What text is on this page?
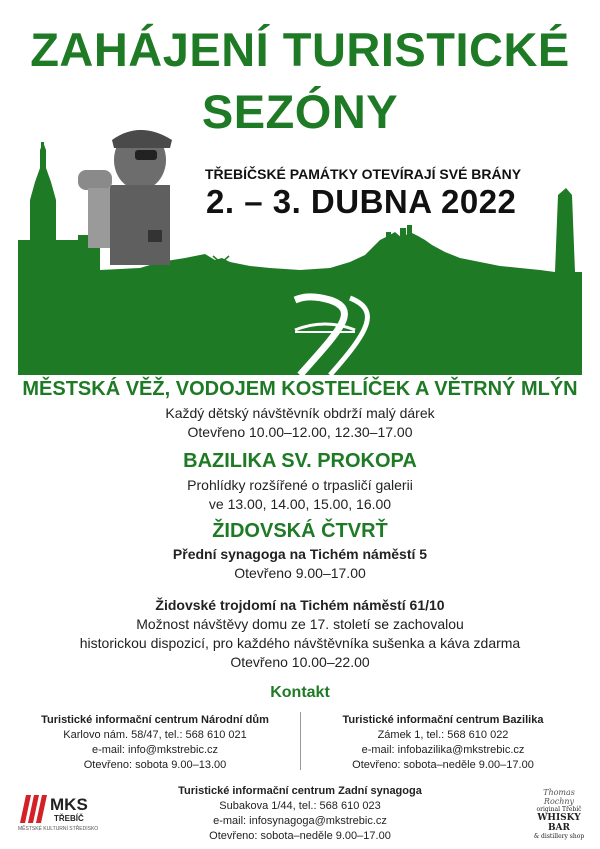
ZAHÁJENÍ TURISTICKÉ
SEZÓNY
TŘEBÍČSKÉ PAMÁTKY OTEVÍRAJÍ SVÉ BRÁNY
2. – 3. DUBNA 2022
MĚSTSKÁ VĚŽ, VODOJEM KOSTELÍČEK A VĚTRNÝ MLÝN
Každý dětský návštěvník obdrží malý dárek
Otevřeno 10.00–12.00, 12.30–17.00
BAZILIKA SV. PROKOPA
Prohlídky rozšířené o trpasličí galerii
ve 13.00, 14.00, 15.00, 16.00
ŽIDOVSKÁ ČTVRŤ
Přední synagoga na Tichém náměstí 5
Otevřeno 9.00–17.00
Židovské trojdomí na Tichém náměstí 61/10
Možnost návštěvy domu ze 17. století se zachovalou
historickou dispozicí, pro každého návštěvníka sušenka a káva zdarma
Otevřeno 10.00–22.00
Kontakt
Turistické informační centrum Národní dům
Karlovo nám. 58/47, tel.: 568 610 021
e-mail: info@mkstrebic.cz
Otevřeno: sobota 9.00–13.00
Turistické informační centrum Bazilika
Zámek 1, tel.: 568 610 022
e-mail: infobazilika@mkstrebic.cz
Otevřeno: sobota–neděle 9.00–17.00
Turistické informační centrum Zadní synagoga
Subakova 1/44, tel.: 568 610 023
e-mail: infosynagoga@mkstrebic.cz
Otevřeno: sobota–neděle 9.00–17.00
MKS
TŘEBÍČ
MĚSTSKÉ KULTURNÍ STŘEDISKO
Thomas Rochny
original Třebíč
WHISKY BAR
& distillery shop
